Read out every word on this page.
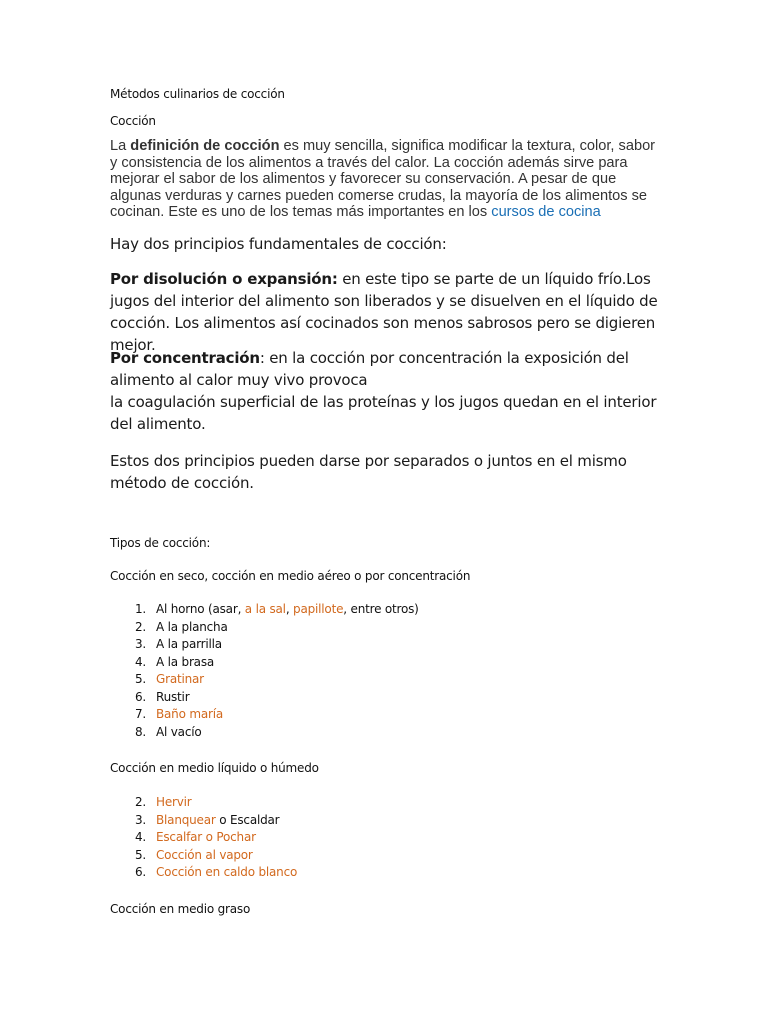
Métodos culinarios de cocción

Cocción

La definición de cocción es muy sencilla, significa modificar la textura, color, sabor y consistencia de los alimentos a través del calor. La cocción además sirve para mejorar el sabor de los alimentos y favorecer su conservación. A pesar de que algunas verduras y carnes pueden comerse crudas, la mayoría de los alimentos se cocinan. Este es uno de los temas más importantes en los cursos de cocina

Hay dos principios fundamentales de cocción:

Por disolución o expansión: en este tipo se parte de un líquido frío.Los jugos del interior del alimento son liberados y se disuelven en el líquido de cocción. Los alimentos así cocinados son menos sabrosos pero se digieren mejor.

Por concentración: en la cocción por concentración la exposición del alimento al calor muy vivo provoca
la coagulación superficial de las proteínas y los jugos quedan en el interior del alimento.

Estos dos principios pueden darse por separados o juntos en el mismo método de cocción.

Tipos de cocción:

Cocción en seco, cocción en medio aéreo o por concentración

1. Al horno (asar, a la sal, papillote, entre otros)
2. A la plancha
3. A la parrilla
4. A la brasa
5. Gratinar
6. Rustir
7. Baño maría
8. Al vacío

Cocción en medio líquido o húmedo

2. Hervir
3. Blanquear o Escaldar
4. Escalfar o Pochar
5. Cocción al vapor
6. Cocción en caldo blanco

Cocción en medio graso
